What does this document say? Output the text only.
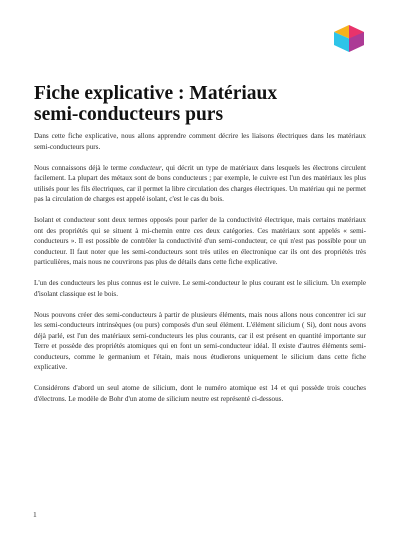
Fiche explicative : Matériaux
semi-conducteurs purs

Dans cette fiche explicative, nous allons apprendre comment décrire les liaisons électriques dans les matériaux semi-conducteurs purs.

Nous connaissons déjà le terme conducteur, qui décrit un type de matériaux dans lesquels les électrons circulent facilement. La plupart des métaux sont de bons conducteurs ; par exemple, le cuivre est l'un des matériaux les plus utilisés pour les fils électriques, car il permet la libre circulation des charges électriques. Un matériau qui ne permet pas la circulation de charges est appelé isolant, c'est le cas du bois.

Isolant et conducteur sont deux termes opposés pour parler de la conductivité électrique, mais certains matériaux ont des propriétés qui se situent à mi-chemin entre ces deux catégories. Ces matériaux sont appelés « semi-conducteurs ». Il est possible de contrôler la conductivité d'un semi-conducteur, ce qui n'est pas possible pour un conducteur. Il faut noter que les semi-conducteurs sont très utiles en électronique car ils ont des propriétés très particulières, mais nous ne couvrirons pas plus de détails dans cette fiche explicative.

L'un des conducteurs les plus connus est le cuivre. Le semi-conducteur le plus courant est le silicium. Un exemple d'isolant classique est le bois.

Nous pouvons créer des semi-conducteurs à partir de plusieurs éléments, mais nous allons nous concentrer ici sur les semi-conducteurs intrinsèques (ou purs) composés d'un seul élément. L'élément silicium ( Si), dont nous avons déjà parlé, est l'un des matériaux semi-conducteurs les plus courants, car il est présent en quantité importante sur Terre et possède des propriétés atomiques qui en font un semi-conducteur idéal. Il existe d'autres éléments semi-conducteurs, comme le germanium et l'étain, mais nous étudierons uniquement le silicium dans cette fiche explicative.

Considérons d'abord un seul atome de silicium, dont le numéro atomique est 14 et qui possède trois couches d'électrons. Le modèle de Bohr d'un atome de silicium neutre est représenté ci-dessous.

1
